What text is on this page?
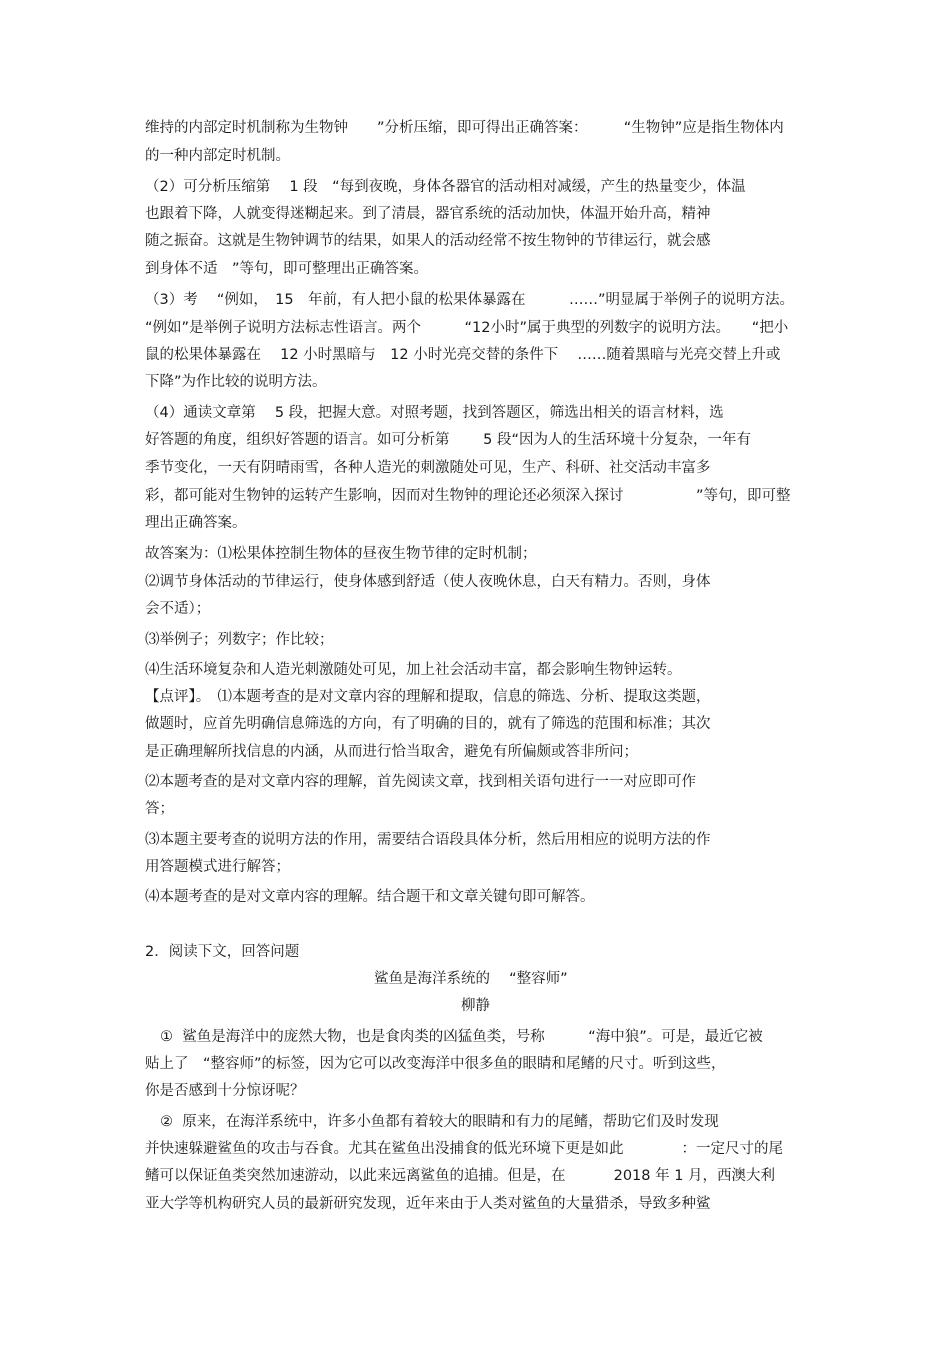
维持的内部定时机制称为生物钟　　”分析压缩，即可得出正确答案：　　　“生物钟”应是指生物体内
的一种内部定时机制。
（2）可分析压缩第　 1 段　“每到夜晚，身体各器官的活动相对减缓，产生的热量变少，体温
也跟着下降，人就变得迷糊起来。到了清晨，器官系统的活动加快，体温开始升高，精神
随之振奋。这就是生物钟调节的结果，如果人的活动经常不按生物钟的节律运行，就会感
到身体不适　”等句，即可整理出正确答案。
（3）考　 “例如，　15　年前，有人把小鼠的松果体暴露在　　　……”明显属于举例子的说明方法。
“例如”是举例子说明方法标志性语言。两个　　　“12小时”属于典型的列数字的说明方法。　　“把小
鼠的松果体暴露在　 12 小时黑暗与　12 小时光亮交替的条件下　 ……随着黑暗与光亮交替上升或
下降”为作比较的说明方法。
（4）通读文章第　 5 段，把握大意。对照考题，找到答题区，筛选出相关的语言材料，选
好答题的角度，组织好答题的语言。如可分析第　　 5 段“因为人的生活环境十分复杂，一年有
季节变化，一天有阴晴雨雪，各种人造光的刺激随处可见，生产、科研、社交活动丰富多
彩，都可能对生物钟的运转产生影响，因而对生物钟的理论还必须深入探讨　　　　　”等句，即可整
理出正确答案。
故答案为：⑴松果体控制生物体的昼夜生物节律的定时机制；
⑵调节身体活动的节律运行，使身体感到舒适（使人夜晚休息，白天有精力。否则，身体
会不适）；
⑶举例子；列数字；作比较；
⑷生活环境复杂和人造光刺激随处可见，加上社会活动丰富，都会影响生物钟运转。
【点评】。　⑴本题考查的是对文章内容的理解和提取，信息的筛选、分析、提取这类题，
做题时，应首先明确信息筛选的方向，有了明确的目的，就有了筛选的范围和标准；其次
是正确理解所找信息的内涵，从而进行恰当取舍，避免有所偏颇或答非所问；
⑵本题考查的是对文章内容的理解，首先阅读文章，找到相关语句进行一一对应即可作
答；
⑶本题主要考查的说明方法的作用，需要结合语段具体分析，然后用相应的说明方法的作
用答题模式进行解答；
⑷本题考查的是对文章内容的理解。结合题干和文章关键句即可解答。
2．阅读下文，回答问题
鲨鱼是海洋系统的　 “整容师”
柳静
①  鲨鱼是海洋中的庞然大物，也是食肉类的凶猛鱼类，号称　　　“海中狼”。可是，最近它被
贴上了　“整容师”的标签，因为它可以改变海洋中很多鱼的眼睛和尾鳍的尺寸。听到这些，
你是否感到十分惊讶呢？
②  原来，在海洋系统中，许多小鱼都有着较大的眼睛和有力的尾鳍，帮助它们及时发现
并快速躲避鲨鱼的攻击与吞食。尤其在鲨鱼出没捕食的低光环境下更是如此　　　　：一定尺寸的尾
鳍可以保证鱼类突然加速游动，以此来远离鲨鱼的追捕。但是，在　　　 2018 年 1 月，西澳大利
亚大学等机构研究人员的最新研究发现，近年来由于人类对鲨鱼的大量猎杀，导致多种鲨
